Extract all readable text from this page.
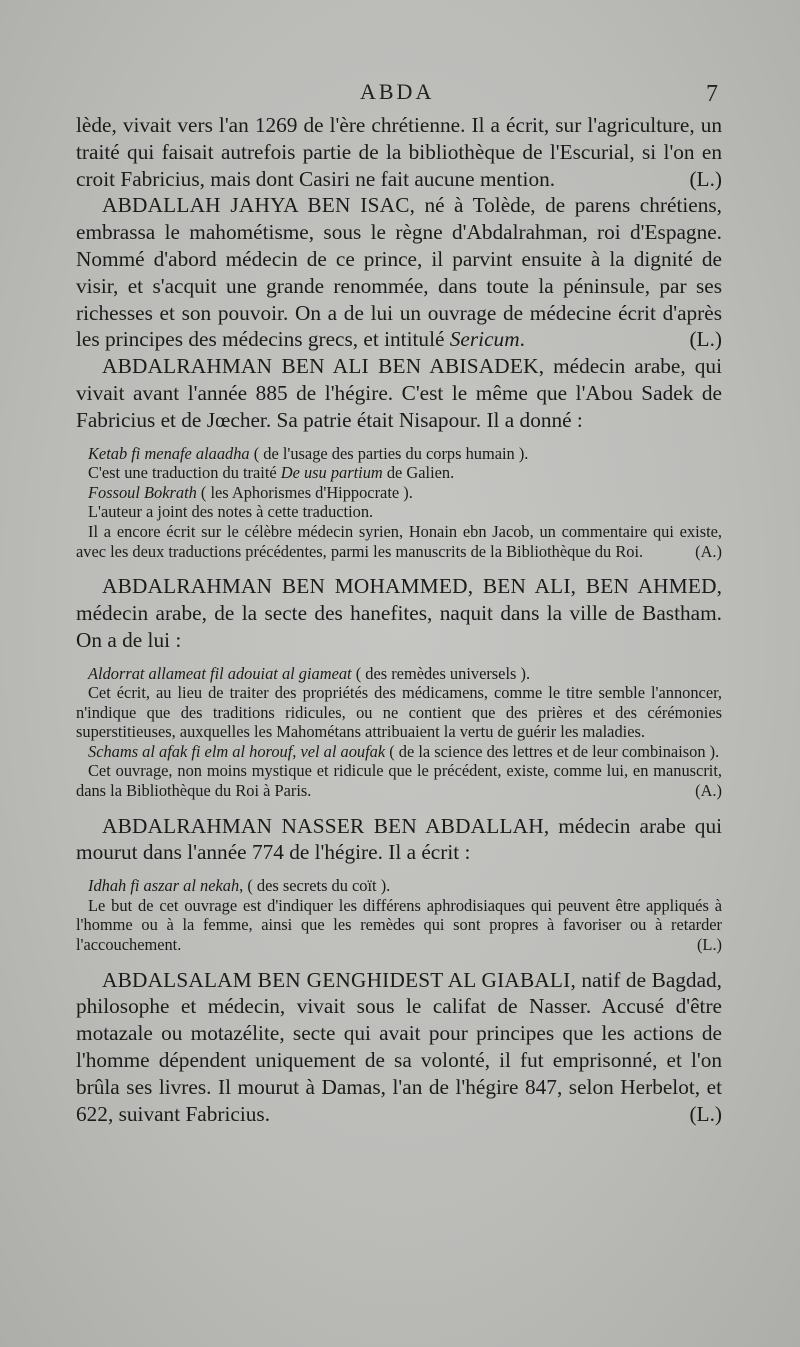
ABDA	7

lède, vivait vers l'an 1269 de l'ère chrétienne. Il a écrit, sur l'agriculture, un traité qui faisait autrefois partie de la bibliothèque de l'Escurial, si l'on en croit Fabricius, mais dont Casiri ne fait aucune mention.	(L.)

ABDALLAH JAHYA BEN ISAC, né à Tolède, de parens chrétiens, embrassa le mahométisme, sous le règne d'Abdalrahman, roi d'Espagne. Nommé d'abord médecin de ce prince, il parvint ensuite à la dignité de visir, et s'acquit une grande renommée, dans toute la péninsule, par ses richesses et son pouvoir. On a de lui un ouvrage de médecine écrit d'après les principes des médecins grecs, et intitulé Sericum.	(L.)

ABDALRAHMAN BEN ALI BEN ABISADEK, médecin arabe, qui vivait avant l'année 885 de l'hégire. C'est le même que l'Abou Sadek de Fabricius et de Jœcher. Sa patrie était Nisapour. Il a donné :

Ketab fi menafe alaadha ( de l'usage des parties du corps humain ).

C'est une traduction du traité De usu partium de Galien.

Fossoul Bokrath ( les Aphorismes d'Hippocrate ).

L'auteur a joint des notes à cette traduction.

Il a encore écrit sur le célèbre médecin syrien, Honain ebn Jacob, un commentaire qui existe, avec les deux traductions précédentes, parmi les manuscrits de la Bibliothèque du Roi.	(A.)

ABDALRAHMAN BEN MOHAMMED, BEN ALI, BEN AHMED, médecin arabe, de la secte des hanefites, naquit dans la ville de Bastham. On a de lui :

Aldorrat allameat fil adouiat al giameat ( des remèdes universels ).

Cet écrit, au lieu de traiter des propriétés des médicamens, comme le titre semble l'annoncer, n'indique que des traditions ridicules, ou ne contient que des prières et des cérémonies superstitieuses, auxquelles les Mahométans attribuaient la vertu de guérir les maladies.

Schams al afak fi elm al horouf, vel al aoufak ( de la science des lettres et de leur combinaison ).

Cet ouvrage, non moins mystique et ridicule que le précédent, existe, comme lui, en manuscrit, dans la Bibliothèque du Roi à Paris.	(A.)

ABDALRAHMAN NASSER BEN ABDALLAH, médecin arabe qui mourut dans l'année 774 de l'hégire. Il a écrit :

Idhah fi aszar al nekah, ( des secrets du coït ).

Le but de cet ouvrage est d'indiquer les différens aphrodisiaques qui peuvent être appliqués à l'homme ou à la femme, ainsi que les remèdes qui sont propres à favoriser ou à retarder l'accouchement.	(L.)

ABDALSALAM BEN GENGHIDEST AL GIABALI, natif de Bagdad, philosophe et médecin, vivait sous le califat de Nasser. Accusé d'être motazale ou motazélite, secte qui avait pour principes que les actions de l'homme dépendent uniquement de sa volonté, il fut emprisonné, et l'on brûla ses livres. Il mourut à Damas, l'an de l'hégire 847, selon Herbelot, et 622, suivant Fabricius.	(L.)
